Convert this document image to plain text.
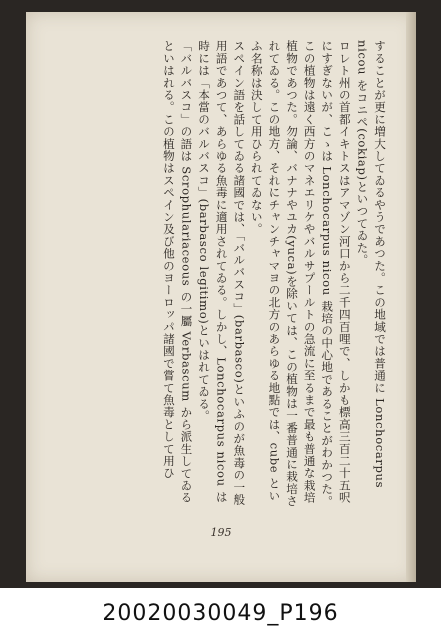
することが更に増大してゐるやうであつた。この地域では普通に Lonchocarpus nicou をコニペ(cokiap)といつてゐた。

ロレト州の首都イキトスはアマゾン河口から二千四百哩で、しかも標高三百二十五呎にすぎないが、こゝは Lonchocarpus nicou 栽培の中心地であることがわかつた。この植物は遠く西方のマネエリケやバルサプールトの急流に至るまで最も普通な栽培植物であつた。勿論、バナナやユカ(yuca)を除いては、この植物は一番普通に栽培されてゐる。この地方、それにチャンチャマヨの北方のあらゆる地點では、cube といふ名称は決して用ひられてゐない。

スペイン語を話してゐる諸國では、「バルバスコ」(barbasco)といふのが魚毒の一般用語であつて、あらゆる魚毒に適用されてゐる。しかし、Lonchocarpus nicou は時には「本當のバルバスコ」(barbasco legitimo)といはれてゐる。

「バルバスコ」の語は Scrophulariaceous の一屬 Verbascum から派生してゐるといはれる。この植物はスペイン及び他のヨーロッパ諸國で嘗て魚毒として用ひ

195
20020030049_P196
